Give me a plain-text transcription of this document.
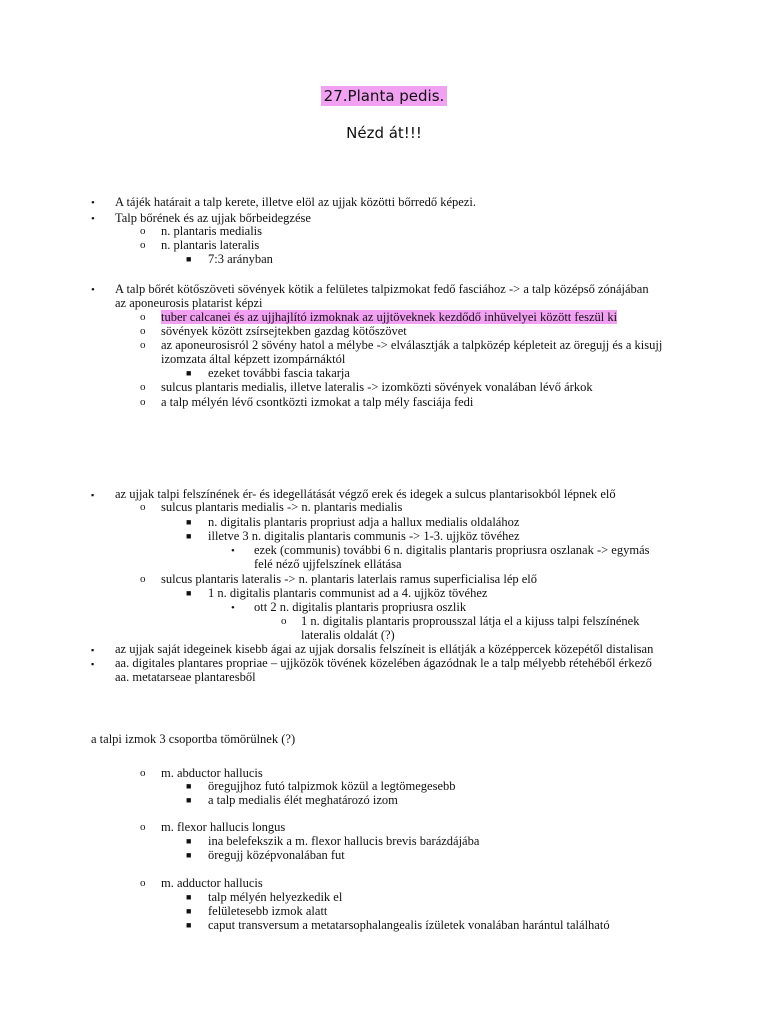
27.Planta pedis.
Nézd át!!!
• A tájék határait a talp kerete, illetve elöl az ujjak közötti bőrredő képezi.
• Talp bőrének és az ujjak bőrbeidegzése
o n. plantaris medialis
o n. plantaris lateralis
■ 7:3 arányban
• A talp bőrét kötőszöveti sövények kötik a felületes talpizmokat fedő fasciához -> a talp középső zónájában
az aponeurosis platarist képzi
o tuber calcanei és az ujjhajlító izmoknak az ujjtöveknek kezdődő inhüvelyei között feszül ki
o sövények között zsírsejtekben gazdag kötőszövet
o az aponeurosisról 2 sövény hatol a mélybe -> elválasztják a talpközép képleteit az öregujj és a kisujj
izomzata által képzett izompárnáktól
■ ezeket további fascia takarja
o sulcus plantaris medialis, illetve lateralis -> izomközti sövények vonalában lévő árkok
o a talp mélyén lévő csontközti izmokat a talp mély fasciája fedi
▪ az ujjak talpi felszínének ér- és idegellátását végző erek és idegek a sulcus plantarisokból lépnek elő
o sulcus plantaris medialis -> n. plantaris medialis
■ n. digitalis plantaris propriust adja a hallux medialis oldalához
■ illetve 3 n. digitalis plantaris communis -> 1-3. ujjköz tövéhez
• ezek (communis) további 6 n. digitalis plantaris propriusra oszlanak -> egymás
felé néző ujjfelszínek ellátása
o sulcus plantaris lateralis -> n. plantaris laterlais ramus superficialisa lép elő
■ 1 n. digitalis plantaris communist ad a 4. ujjköz tövéhez
• ott 2 n. digitalis plantaris propriusra oszlik
o 1 n. digitalis plantaris proprousszal látja el a kijuss talpi felszínének
lateralis oldalát (?)
▪ az ujjak saját idegeinek kisebb ágai az ujjak dorsalis felszíneit is ellátják a középpercek közepétől distalisan
▪ aa. digitales plantares propriae – ujjközök tövének közelében ágazódnak le a talp mélyebb rétehéből érkező
aa. metatarseae plantaresből
a talpi izmok 3 csoportba tömörülnek (?)
o m. abductor hallucis
■ öregujjhoz futó talpizmok közül a legtömegesebb
■ a talp medialis élét meghatározó izom
o m. flexor hallucis longus
■ ina belefekszik a m. flexor hallucis brevis barázdájába
■ öregujj középvonalában fut
o m. adductor hallucis
■ talp mélyén helyezkedik el
■ felületesebb izmok alatt
■ caput transversum a metatarsophalangealis ízületek vonalában harántul található
